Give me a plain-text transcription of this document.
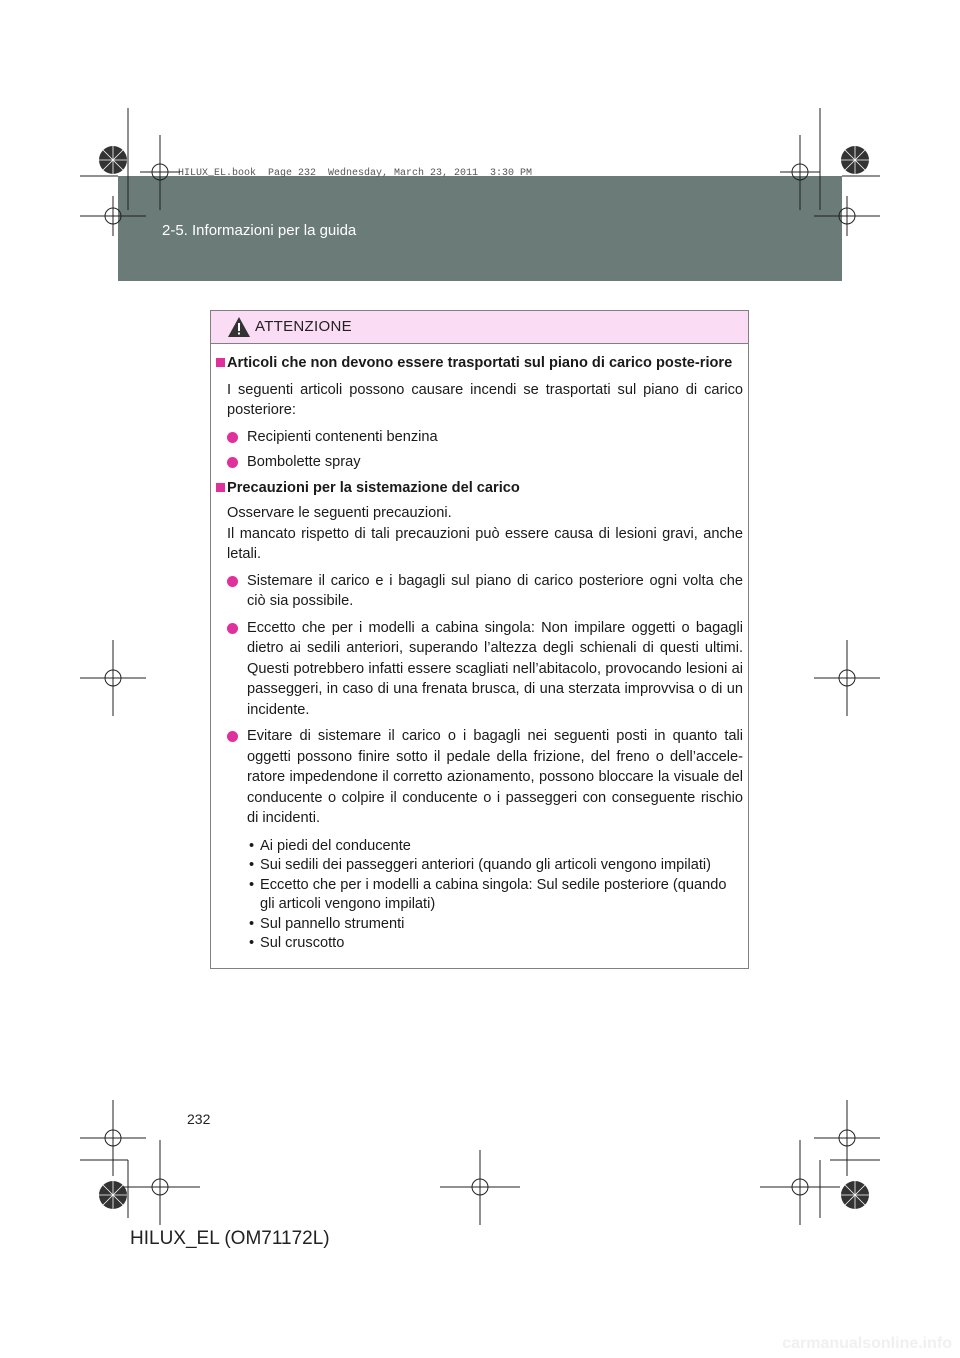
2-5. Informazioni per la guida
HILUX_EL.book  Page 232  Wednesday, March 23, 2011  3:30 PM
ATTENZIONE
Articoli che non devono essere trasportati sul piano di carico poste-riore
I seguenti articoli possono causare incendi se trasportati sul piano di carico posteriore:
Recipienti contenenti benzina
Bombolette spray
Precauzioni per la sistemazione del carico
Osservare le seguenti precauzioni.
Il mancato rispetto di tali precauzioni può essere causa di lesioni gravi, anche letali.
Sistemare il carico e i bagagli sul piano di carico posteriore ogni volta che ciò sia possibile.
Eccetto che per i modelli a cabina singola: Non impilare oggetti o bagagli dietro ai sedili anteriori, superando l’altezza degli schienali di questi ultimi. Questi potrebbero infatti essere scagliati nell’abitacolo, provocando lesioni ai passeggeri, in caso di una frenata brusca, di una sterzata improvvisa o di un incidente.
Evitare di sistemare il carico o i bagagli nei seguenti posti in quanto tali oggetti possono finire sotto il pedale della frizione, del freno o dell’accele-ratore impedendone il corretto azionamento, possono bloccare la visuale del conducente o colpire il conducente o i passeggeri con conseguente rischio di incidenti.
• Ai piedi del conducente
• Sui sedili dei passeggeri anteriori (quando gli articoli vengono impilati)
• Eccetto che per i modelli a cabina singola: Sul sedile posteriore (quando gli articoli vengono impilati)
• Sul pannello strumenti
• Sul cruscotto
232
HILUX_EL (OM71172L)
carmanualsonline.info
